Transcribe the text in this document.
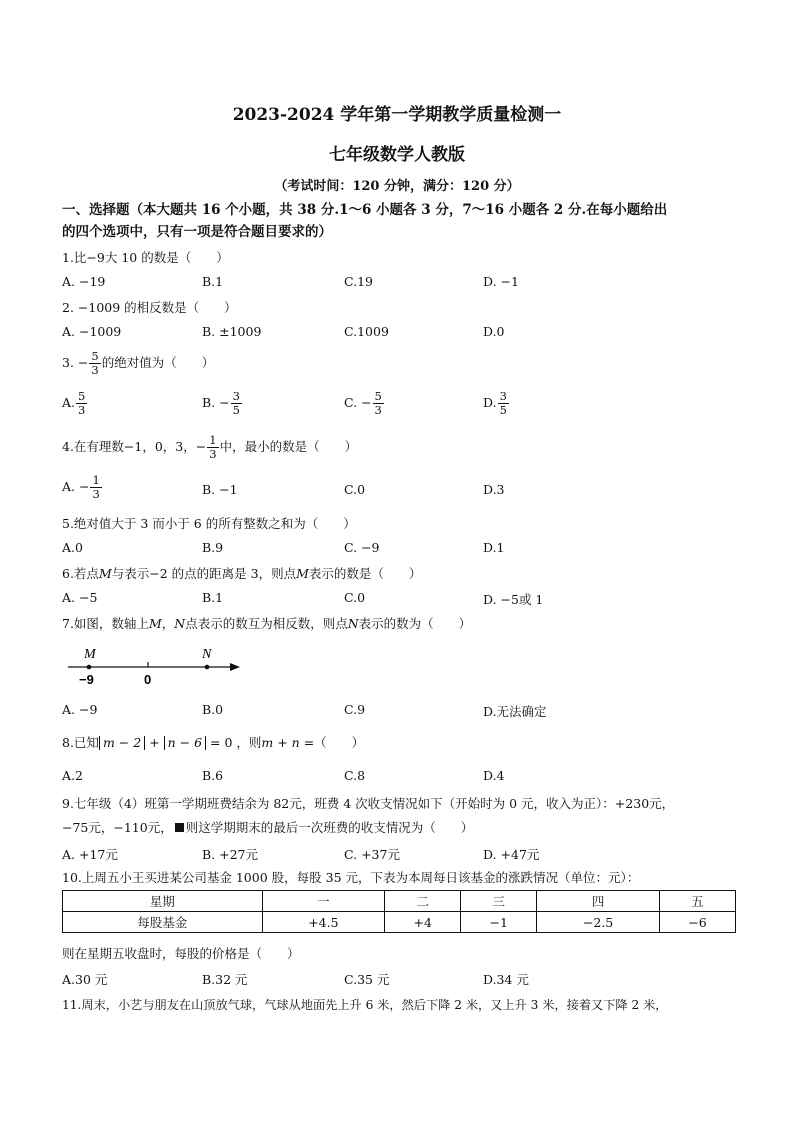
2023-2024 学年第一学期教学质量检测一
七年级数学人教版
（考试时间：120 分钟，满分：120 分）
一、选择题（本大题共 16 个小题，共 38 分.1～6 小题各 3 分，7～16 小题各 2 分.在每小题给出
的四个选项中，只有一项是符合题目要求的）
1.比−9大 10 的数是（　　）
A. −19	B.1	C.19	D. −1
2. −1009 的相反数是（　　）
A. −1009	B. ±1009	C.1009	D.0
3. − $\frac{5}{3}$ 的绝对值为（　　）
A. $\frac{5}{3}$	B. − $\frac{3}{5}$	C. − $\frac{5}{3}$	D. $\frac{3}{5}$
4.在有理数−1，0，3，− $\frac{1}{3}$ 中，最小的数是（　　）
A. − $\frac{1}{3}$	B. −1	C.0	D.3
5.绝对值大于 3 而小于 6 的所有整数之和为（　　）
A.0	B.9	C. −9	D.1
6.若点M与表示−2 的点的距离是 3，则点M表示的数是（　　）
A. −5	B.1	C.0	D. −5或 1
7.如图，数轴上M，N点表示的数互为相反数，则点N表示的数为（　　）
M	N
−9	0
A. −9	B.0	C.9	D.无法确定
8.已知 m − 2 + n − 6 = 0 ，则m + n =（　　）
A.2	B.6	C.8	D.4
9.七年级（4）班第一学期班费结余为 82元，班费 4 次收支情况如下（开始时为 0 元，收入为正）：+230元，
−75元，−110元， 则这学期期末的最后一次班费的收支情况为（　　）
A. +17元	B. +27元	C. +37元	D. +47元
10.上周五小王买进某公司基金 1000 股，每股 35 元，下表为本周每日该基金的涨跌情况（单位：元）：
星期	一	二	三	四	五
每股基金	+4.5	+4	−1	−2.5	−6
则在星期五收盘时，每股的价格是（　　）
A.30 元	B.32 元	C.35 元	D.34 元
11.周末，小艺与朋友在山顶放气球，气球从地面先上升 6 米，然后下降 2 米，又上升 3 米，接着又下降 2 米，
